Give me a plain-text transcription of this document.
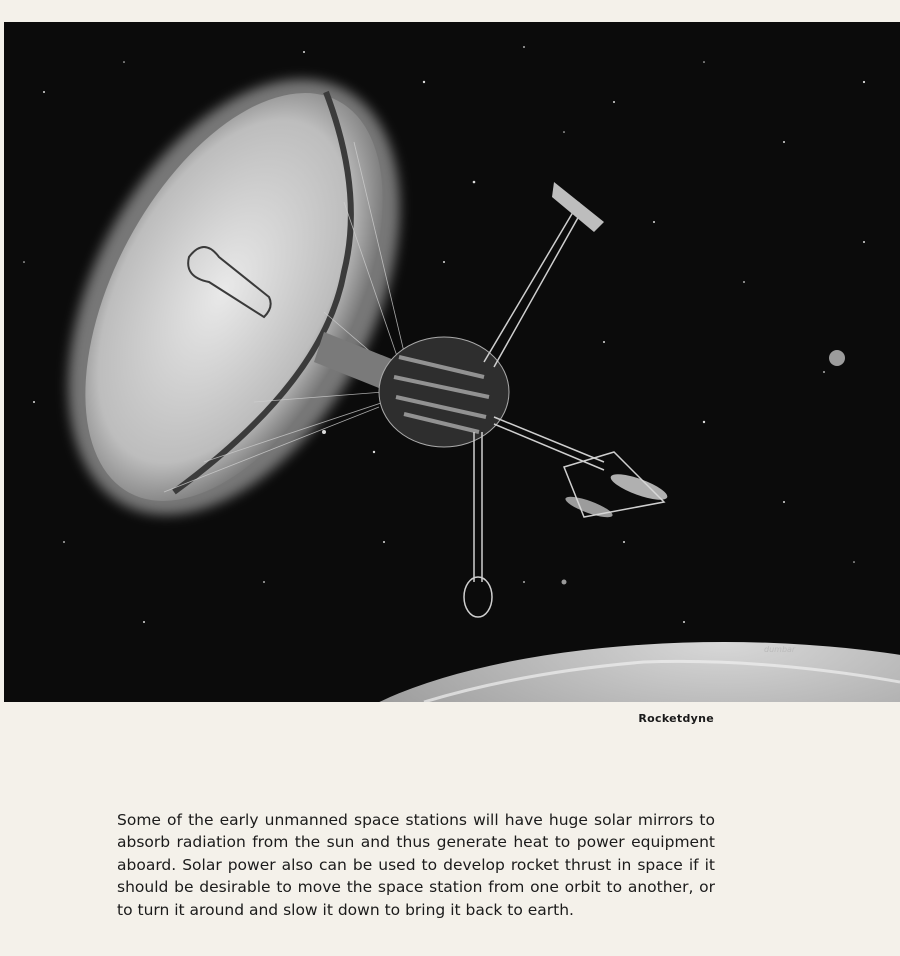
dumbar
Rocketdyne

Some of the early unmanned space stations will have huge solar mirrors to absorb radiation from the sun and thus generate heat to power equipment aboard. Solar power also can be used to develop rocket thrust in space if it should be desirable to move the space station from one orbit to another, or to turn it around and slow it down to bring it back to earth.
